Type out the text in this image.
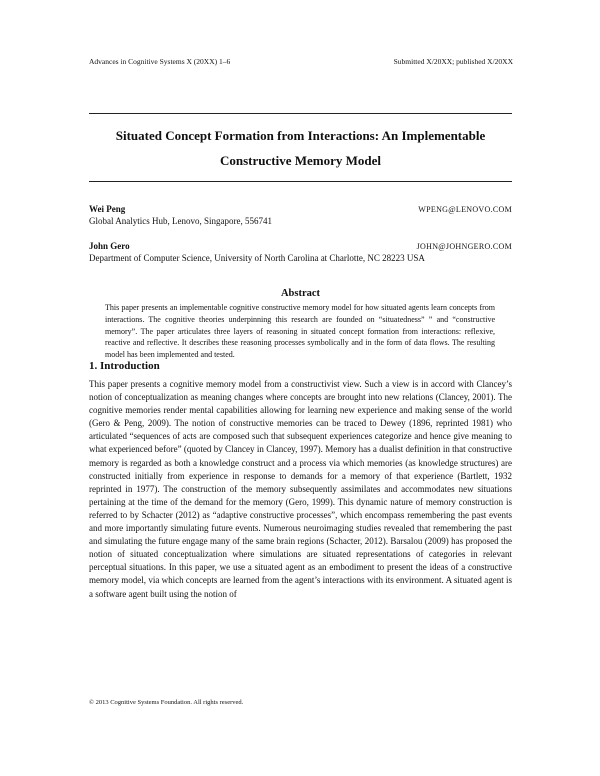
Advances in Cognitive Systems X (20XX) 1–6	Submitted X/20XX; published X/20XX
Situated Concept Formation from Interactions: An Implementable
Constructive Memory Model
Wei Peng	WPENG@LENOVO.COM
Global Analytics Hub, Lenovo, Singapore, 556741
John Gero	JOHN@JOHNGERO.COM
Department of Computer Science, University of North Carolina at Charlotte, NC 28223 USA
Abstract
This paper presents an implementable cognitive constructive memory model for how situated agents learn concepts from interactions. The cognitive theories underpinning this research are founded on “situatedness” ” and “constructive memory”. The paper articulates three layers of reasoning in situated concept formation from interactions: reflexive, reactive and reflective. It describes these reasoning processes symbolically and in the form of data flows. The resulting model has been implemented and tested.
1. Introduction
This paper presents a cognitive memory model from a constructivist view. Such a view is in accord with Clancey’s notion of conceptualization as meaning changes where concepts are brought into new relations (Clancey, 2001). The cognitive memories render mental capabilities allowing for learning new experience and making sense of the world (Gero & Peng, 2009). The notion of constructive memories can be traced to Dewey (1896, reprinted 1981) who articulated “sequences of acts are composed such that subsequent experiences categorize and hence give meaning to what experienced before” (quoted by Clancey in Clancey, 1997). Memory has a dualist definition in that constructive memory is regarded as both a knowledge construct and a process via which memories (as knowledge structures) are constructed initially from experience in response to demands for a memory of that experience (Bartlett, 1932 reprinted in 1977). The construction of the memory subsequently assimilates and accommodates new situations pertaining at the time of the demand for the memory (Gero, 1999). This dynamic nature of memory construction is referred to by Schacter (2012) as “adaptive constructive processes”, which encompass remembering the past events and more importantly simulating future events. Numerous neuroimaging studies revealed that remembering the past and simulating the future engage many of the same brain regions (Schacter, 2012). Barsalou (2009) has proposed the notion of situated conceptualization where simulations are situated representations of categories in relevant perceptual situations. In this paper, we use a situated agent as an embodiment to present the ideas of a constructive memory model, via which concepts are learned from the agent’s interactions with its environment. A situated agent is a software agent built using the notion of
© 2013 Cognitive Systems Foundation. All rights reserved.
